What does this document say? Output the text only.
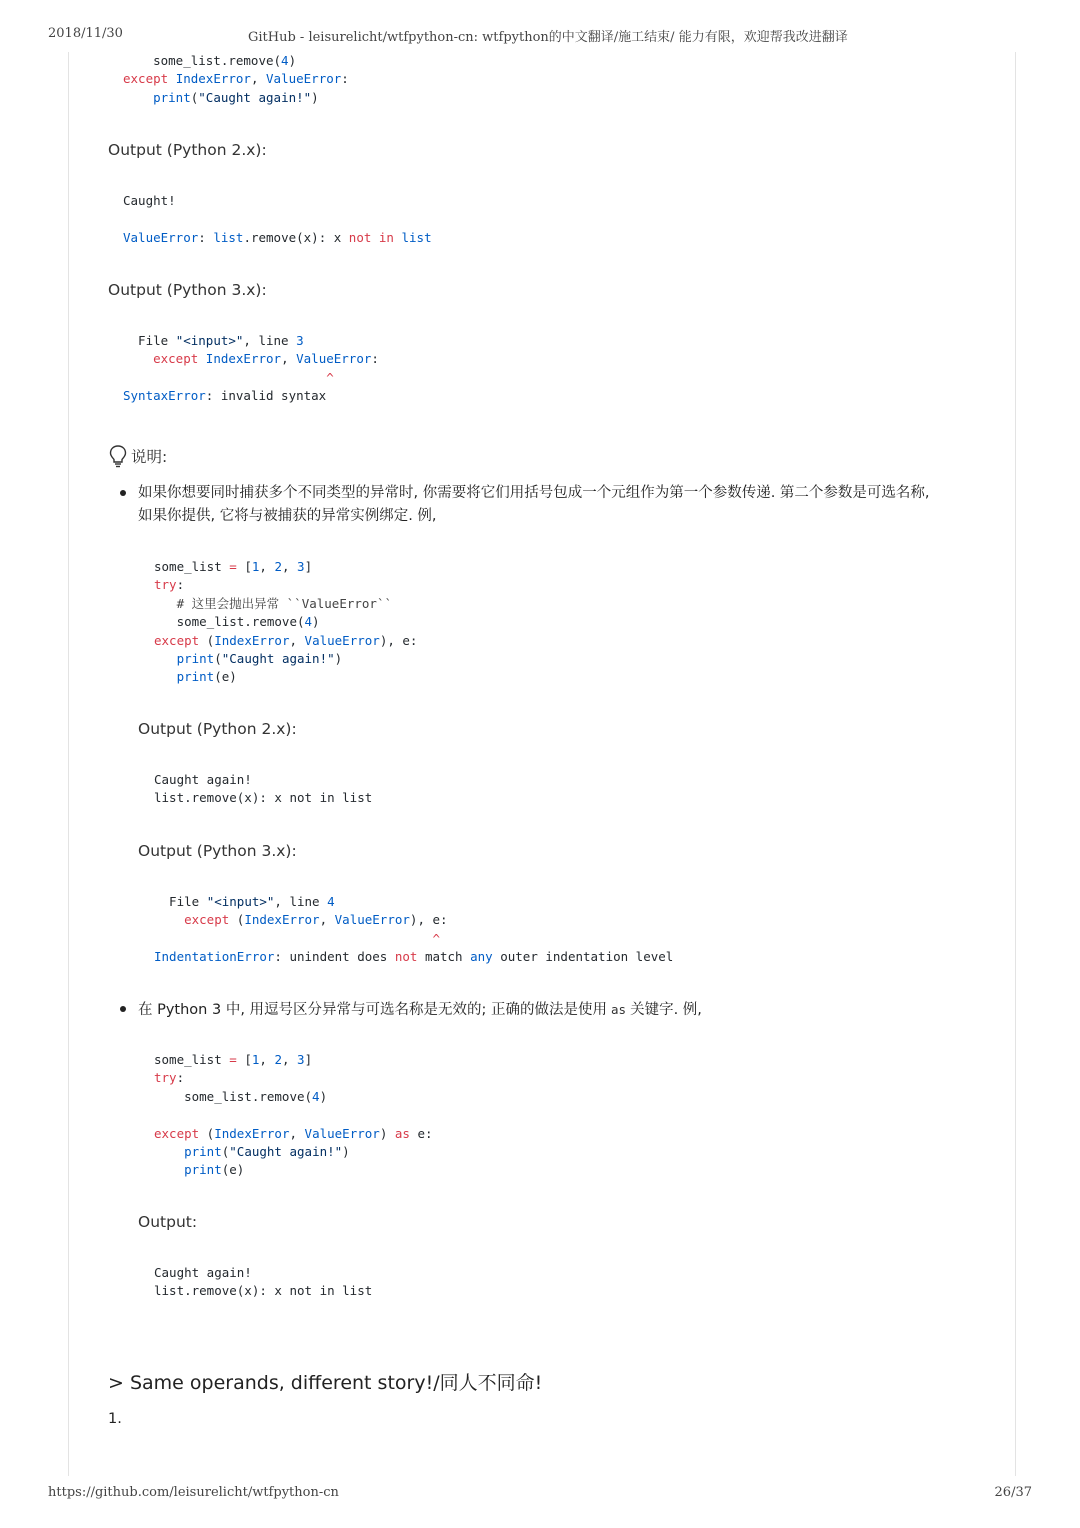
2018/11/30	GitHub - leisurelicht/wtfpython-cn: wtfpython的中文翻译/施工结束/ 能力有限，欢迎帮我改进翻译
some_list.remove(4)
except IndexError, ValueError:
print("Caught again!")
Output (Python 2.x):
Caught!
ValueError: list.remove(x): x not in list
Output (Python 3.x):
File "<input>", line 3
except IndexError, ValueError:
^
SyntaxError: invalid syntax
说明:
如果你想要同时捕获多个不同类型的异常时, 你需要将它们用括号包成一个元组作为第一个参数传递. 第二个参数是可选名称,
如果你提供, 它将与被捕获的异常实例绑定. 例,
some_list = [1, 2, 3]
try:
# 这里会抛出异常 ``ValueError``
some_list.remove(4)
except (IndexError, ValueError), e:
print("Caught again!")
print(e)
Output (Python 2.x):
Caught again!
list.remove(x): x not in list
Output (Python 3.x):
File "<input>", line 4
except (IndexError, ValueError), e:
^
IndentationError: unindent does not match any outer indentation level
在 Python 3 中, 用逗号区分异常与可选名称是无效的; 正确的做法是使用 as 关键字. 例,
some_list = [1, 2, 3]
try:
some_list.remove(4)
except (IndexError, ValueError) as e:
print("Caught again!")
print(e)
Output:
Caught again!
list.remove(x): x not in list
> Same operands, different story!/同人不同命!
1.
https://github.com/leisurelicht/wtfpython-cn	26/37
